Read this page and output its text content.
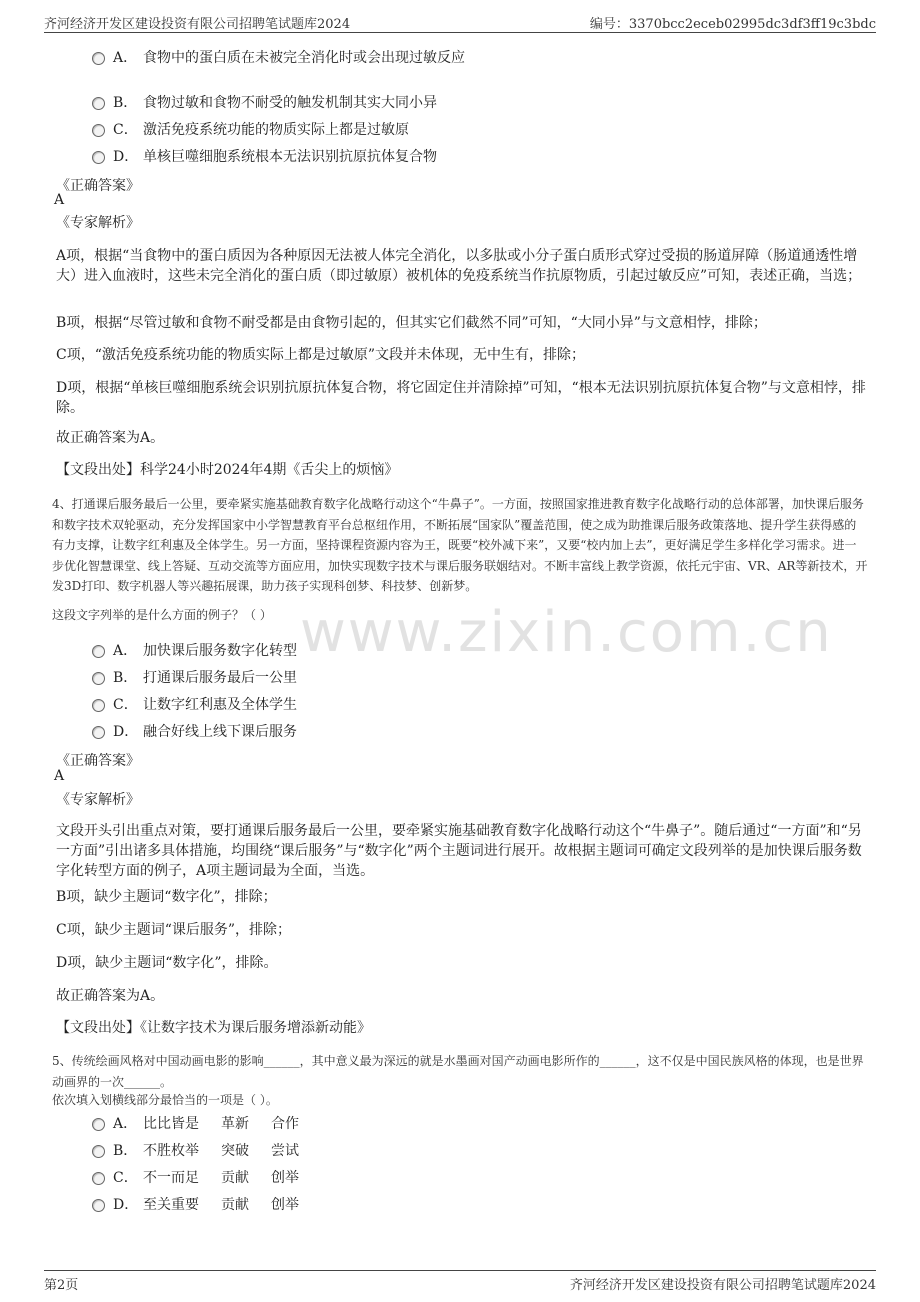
齐河经济开发区建设投资有限公司招聘笔试题库2024	编号：3370bcc2eceb02995dc3df3ff19c3bdc
www.zixin.com.cn
A． 食物中的蛋白质在未被完全消化时或会出现过敏反应
B． 食物过敏和食物不耐受的触发机制其实大同小异
C． 激活免疫系统功能的物质实际上都是过敏原
D． 单核巨噬细胞系统根本无法识别抗原抗体复合物
《正确答案》
A
《专家解析》
A项，根据“当食物中的蛋白质因为各种原因无法被人体完全消化，以多肽或小分子蛋白质形式穿过受损的肠道屏障（肠道通透性增大）进入血液时，这些未完全消化的蛋白质（即过敏原）被机体的免疫系统当作抗原物质，引起过敏反应”可知，表述正确，当选；
B项，根据“尽管过敏和食物不耐受都是由食物引起的，但其实它们截然不同”可知，“大同小异”与文意相悖，排除；
C项，“激活免疫系统功能的物质实际上都是过敏原”文段并未体现，无中生有，排除；
D项，根据“单核巨噬细胞系统会识别抗原抗体复合物，将它固定住并清除掉”可知，“根本无法识别抗原抗体复合物”与文意相悖，排除。
故正确答案为A。
【文段出处】科学24小时2024年4期《舌尖上的烦恼》
4、打通课后服务最后一公里，要牵紧实施基础教育数字化战略行动这个“牛鼻子”。一方面，按照国家推进教育数字化战略行动的总体部署，加快课后服务和数字技术双轮驱动，充分发挥国家中小学智慧教育平台总枢纽作用，不断拓展“国家队”覆盖范围，使之成为助推课后服务政策落地、提升学生获得感的有力支撑，让数字红利惠及全体学生。另一方面，坚持课程资源内容为王，既要“校外减下来”，又要“校内加上去”，更好满足学生多样化学习需求。进一步优化智慧课堂、线上答疑、互动交流等方面应用，加快实现数字技术与课后服务联姻结对。不断丰富线上教学资源，依托元宇宙、VR、AR等新技术，开发3D打印、数字机器人等兴趣拓展课，助力孩子实现科创梦、科技梦、创新梦。
这段文字列举的是什么方面的例子？（ ）
A． 加快课后服务数字化转型
B． 打通课后服务最后一公里
C． 让数字红利惠及全体学生
D． 融合好线上线下课后服务
《正确答案》
A
《专家解析》
文段开头引出重点对策，要打通课后服务最后一公里，要牵紧实施基础教育数字化战略行动这个“牛鼻子”。随后通过“一方面”和“另一方面”引出诸多具体措施，均围绕“课后服务”与“数字化”两个主题词进行展开。故根据主题词可确定文段列举的是加快课后服务数字化转型方面的例子，A项主题词最为全面，当选。
B项，缺少主题词“数字化”，排除；
C项，缺少主题词“课后服务”，排除；
D项，缺少主题词“数字化”，排除。
故正确答案为A。
【文段出处】《让数字技术为课后服务增添新动能》
5、传统绘画风格对中国动画电影的影响______，其中意义最为深远的就是水墨画对国产动画电影所作的______，这不仅是中国民族风格的体现，也是世界动画界的一次______。
依次填入划横线部分最恰当的一项是（ ）。
A． 比比皆是 革新 合作
B． 不胜枚举 突破 尝试
C． 不一而足 贡献 创举
D． 至关重要 贡献 创举
第2页	齐河经济开发区建设投资有限公司招聘笔试题库2024
